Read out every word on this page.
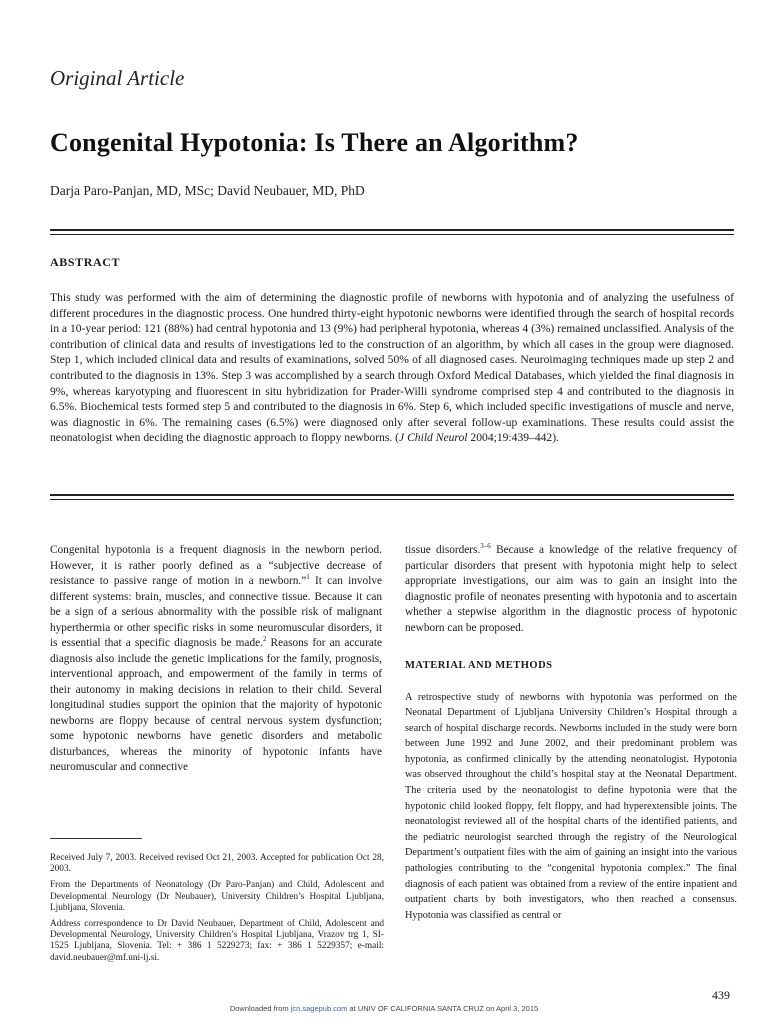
Original Article
Congenital Hypotonia: Is There an Algorithm?
Darja Paro-Panjan, MD, MSc; David Neubauer, MD, PhD
ABSTRACT
This study was performed with the aim of determining the diagnostic profile of newborns with hypotonia and of analyzing the usefulness of different procedures in the diagnostic process. One hundred thirty-eight hypotonic newborns were identified through the search of hospital records in a 10-year period: 121 (88%) had central hypotonia and 13 (9%) had peripheral hypotonia, whereas 4 (3%) remained unclassified. Analysis of the contribution of clinical data and results of investigations led to the construction of an algorithm, by which all cases in the group were diagnosed. Step 1, which included clinical data and results of examinations, solved 50% of all diagnosed cases. Neuroimaging techniques made up step 2 and contributed to the diagnosis in 13%. Step 3 was accomplished by a search through Oxford Medical Databases, which yielded the final diagnosis in 9%, whereas karyotyping and fluorescent in situ hybridization for Prader-Willi syndrome comprised step 4 and contributed to the diagnosis in 6.5%. Biochemical tests formed step 5 and contributed to the diagnosis in 6%. Step 6, which included specific investigations of muscle and nerve, was diagnostic in 6%. The remaining cases (6.5%) were diagnosed only after several follow-up examinations. These results could assist the neonatologist when deciding the diagnostic approach to floppy newborns. (J Child Neurol 2004;19:439–442).

Congenital hypotonia is a frequent diagnosis in the newborn period. However, it is rather poorly defined as a “subjective decrease of resistance to passive range of motion in a newborn.”$^1$ It can involve different systems: brain, muscles, and connective tissue. Because it can be a sign of a serious abnormality with the possible risk of malignant hyperthermia or other specific risks in some neuromuscular disorders, it is essential that a specific diagnosis be made.$^2$ Reasons for an accurate diagnosis also include the genetic implications for the family, prognosis, interventional approach, and empowerment of the family in terms of their autonomy in making decisions in relation to their child. Several longitudinal studies support the opinion that the majority of hypotonic newborns are floppy because of central nervous system dysfunction; some hypotonic newborns have genetic disorders and metabolic disturbances, whereas the minority of hypotonic infants have neuromuscular and connective

tissue disorders.$^{3-6}$ Because a knowledge of the relative frequency of particular disorders that present with hypotonia might help to select appropriate investigations, our aim was to gain an insight into the diagnostic profile of neonates presenting with hypotonia and to ascertain whether a stepwise algorithm in the diagnostic process of hypotonic newborn can be proposed.

MATERIAL AND METHODS

A retrospective study of newborns with hypotonia was performed on the Neonatal Department of Ljubljana University Children’s Hospital through a search of hospital discharge records. Newborns included in the study were born between June 1992 and June 2002, and their predominant problem was hypotonia, as confirmed clinically by the attending neonatologist. Hypotonia was observed throughout the child’s hospital stay at the Neonatal Department. The criteria used by the neonatologist to define hypotonia were that the hypotonic child looked floppy, felt floppy, and had hyperextensible joints. The neonatologist reviewed all of the hospital charts of the identified patients, and the pediatric neurologist searched through the registry of the Neurological Department’s outpatient files with the aim of gaining an insight into the various pathologies contributing to the “congenital hypotonia complex.” The final diagnosis of each patient was obtained from a review of the entire inpatient and outpatient charts by both investigators, who then reached a consensus. Hypotonia was classified as central or

Received July 7, 2003. Received revised Oct 21, 2003. Accepted for publication Oct 28, 2003.

From the Departments of Neonatology (Dr Paro-Panjan) and Child, Adolescent and Developmental Neurology (Dr Neubauer), University Children’s Hospital Ljubljana, Ljubljana, Slovenia.

Address correspondence to Dr David Neubauer, Department of Child, Adolescent and Developmental Neurology, University Children’s Hospital Ljubljana, Vrazov trg 1, SI-1525 Ljubljana, Slovenia. Tel: + 386 1 5229273; fax: + 386 1 5229357; e-mail: david.neubauer@mf.uni-lj.si.

439
Downloaded from jcn.sagepub.com at UNIV OF CALIFORNIA SANTA CRUZ on April 3, 2015
